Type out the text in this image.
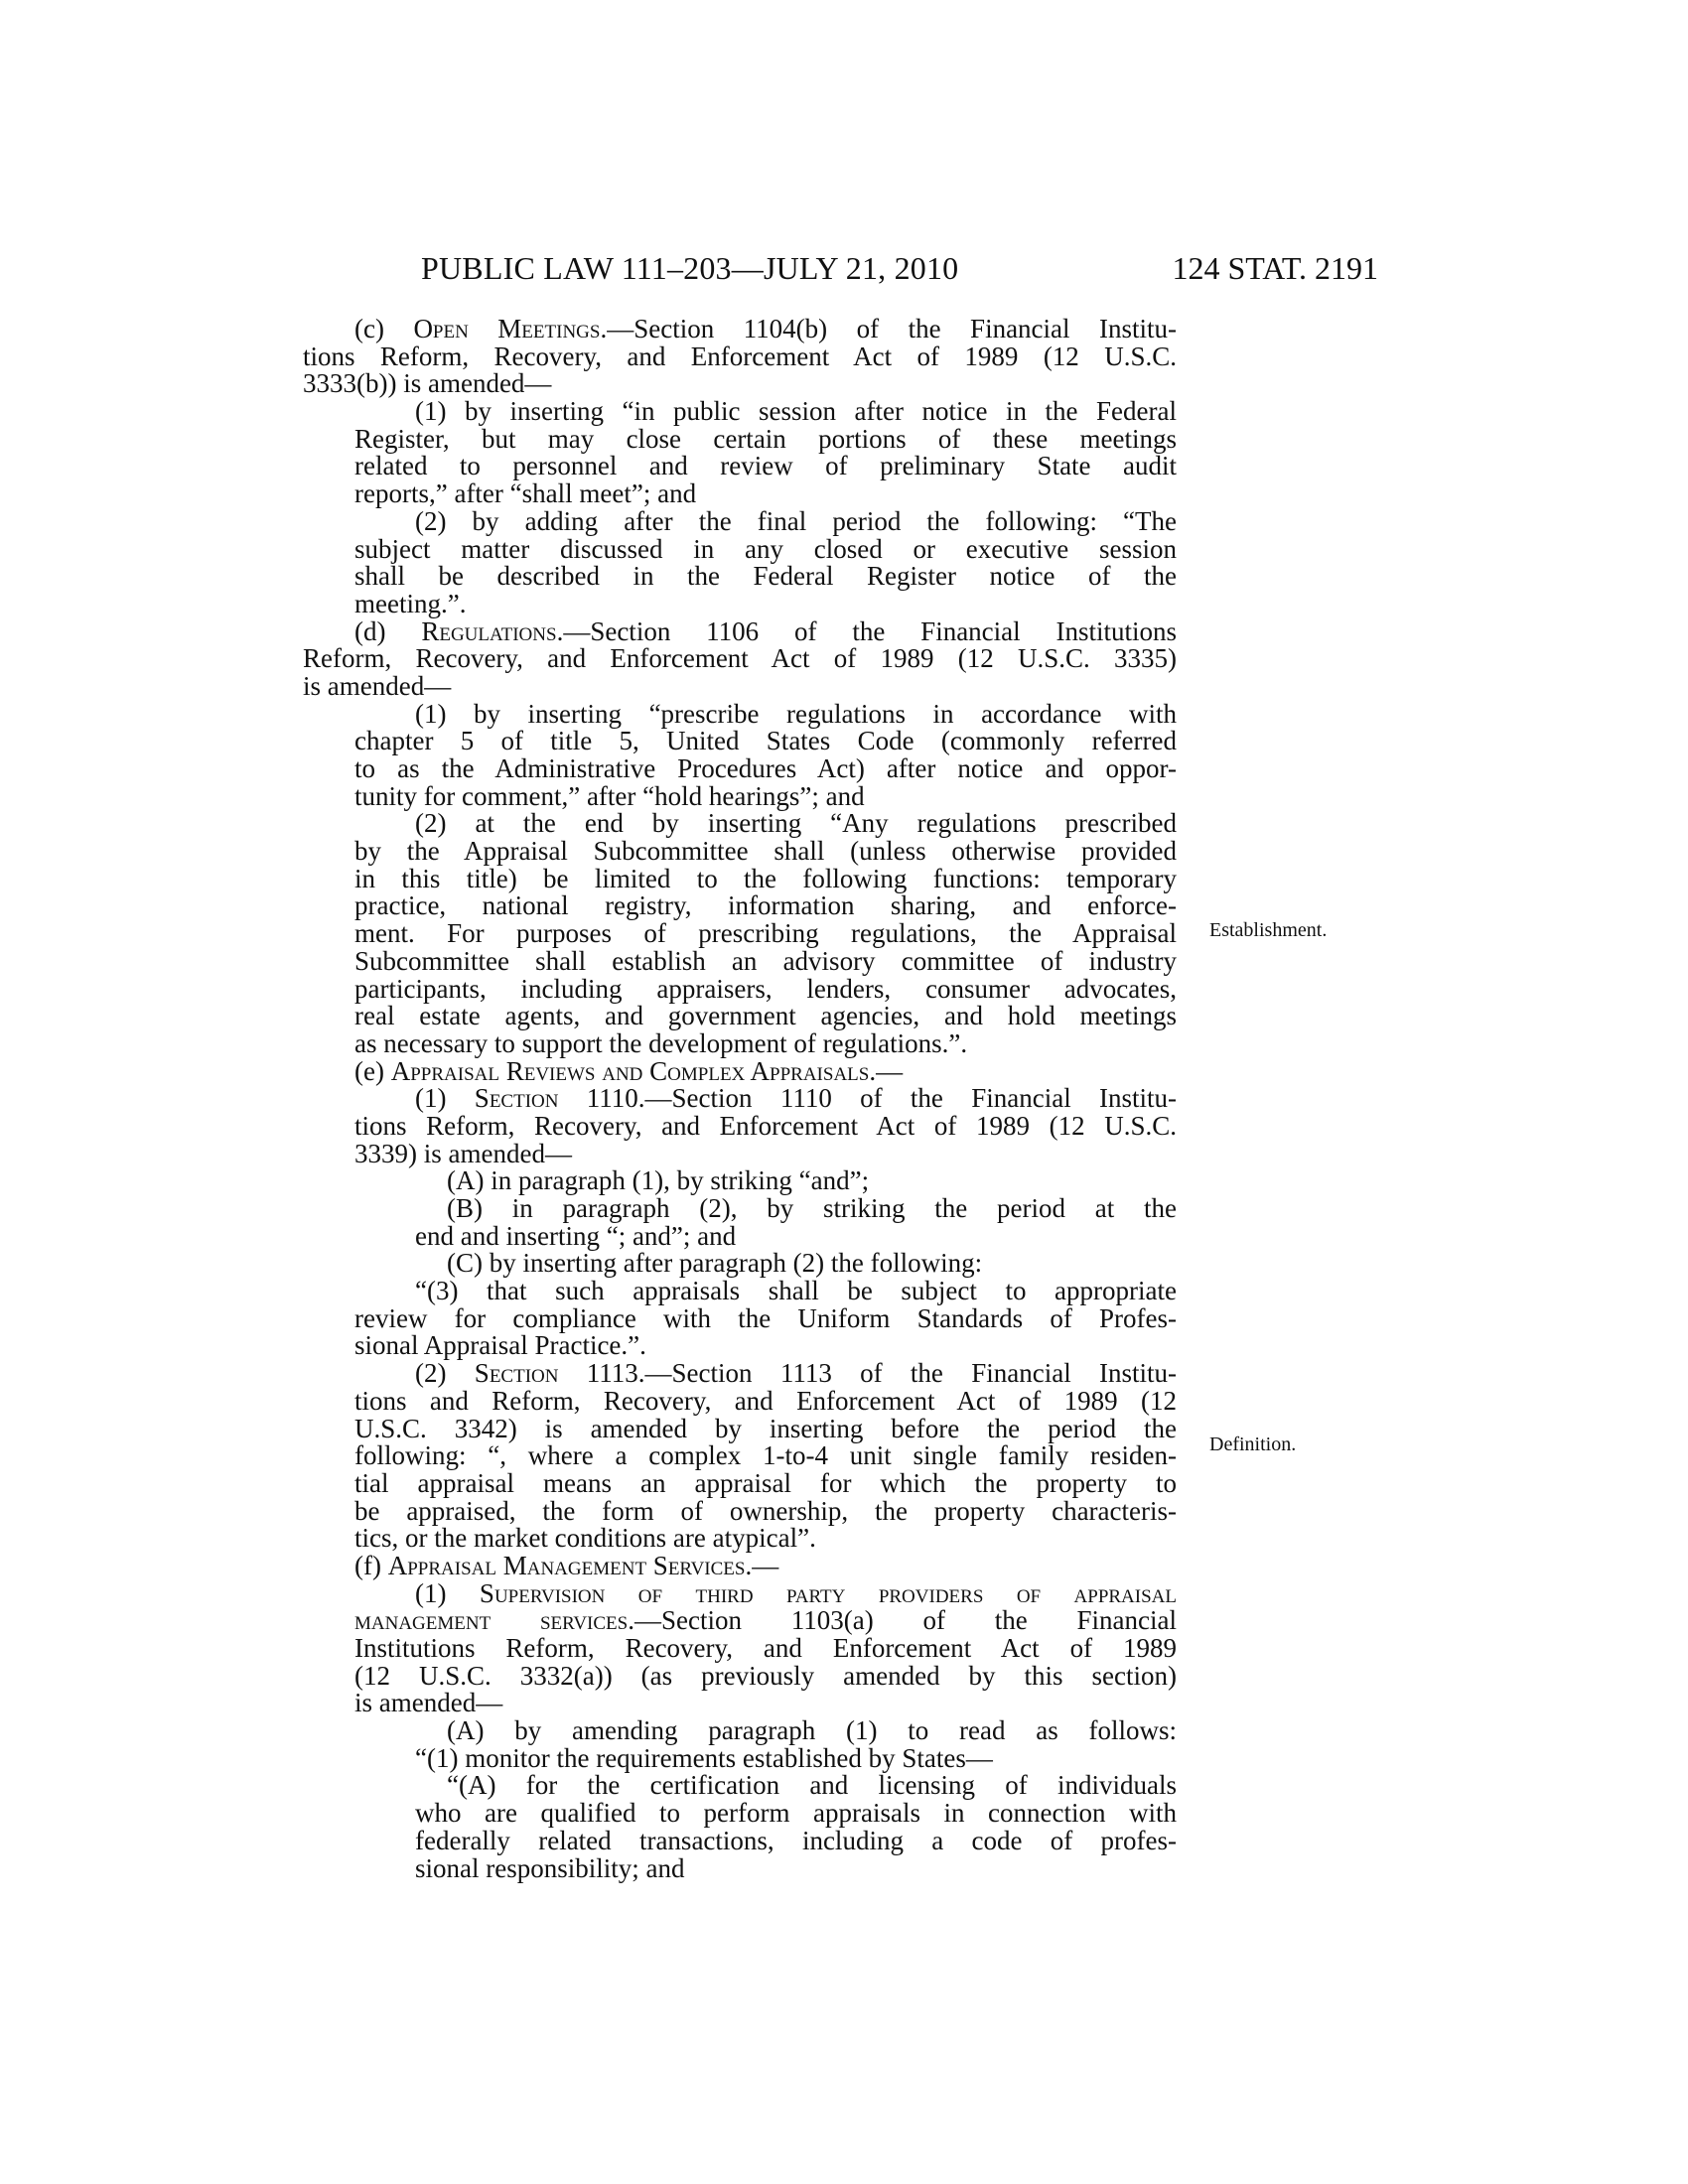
PUBLIC LAW 111–203—JULY 21, 2010	124 STAT. 2191
(c) Open Meetings.—Section 1104(b) of the Financial Institu-
tions Reform, Recovery, and Enforcement Act of 1989 (12 U.S.C.
3333(b)) is amended—
(1) by inserting “in public session after notice in the Federal
Register, but may close certain portions of these meetings
related to personnel and review of preliminary State audit
reports,” after “shall meet”; and
(2) by adding after the final period the following: “The
subject matter discussed in any closed or executive session
shall be described in the Federal Register notice of the
meeting.”.
(d) Regulations.—Section 1106 of the Financial Institutions
Reform, Recovery, and Enforcement Act of 1989 (12 U.S.C. 3335)
is amended—
(1) by inserting “prescribe regulations in accordance with
chapter 5 of title 5, United States Code (commonly referred
to as the Administrative Procedures Act) after notice and oppor-
tunity for comment,” after “hold hearings”; and
(2) at the end by inserting “Any regulations prescribed
by the Appraisal Subcommittee shall (unless otherwise provided
in this title) be limited to the following functions: temporary
practice, national registry, information sharing, and enforce-
ment. For purposes of prescribing regulations, the Appraisal
Subcommittee shall establish an advisory committee of industry
participants, including appraisers, lenders, consumer advocates,
real estate agents, and government agencies, and hold meetings
as necessary to support the development of regulations.”.
(e) Appraisal Reviews and Complex Appraisals.—
(1) Section 1110.—Section 1110 of the Financial Institu-
tions Reform, Recovery, and Enforcement Act of 1989 (12 U.S.C.
3339) is amended—
(A) in paragraph (1), by striking “and”;
(B) in paragraph (2), by striking the period at the
end and inserting “; and”; and
(C) by inserting after paragraph (2) the following:
“(3) that such appraisals shall be subject to appropriate
review for compliance with the Uniform Standards of Profes-
sional Appraisal Practice.”.
(2) Section 1113.—Section 1113 of the Financial Institu-
tions and Reform, Recovery, and Enforcement Act of 1989 (12
U.S.C. 3342) is amended by inserting before the period the
following: “, where a complex 1-to-4 unit single family residen-
tial appraisal means an appraisal for which the property to
be appraised, the form of ownership, the property characteris-
tics, or the market conditions are atypical”.
(f) Appraisal Management Services.—
(1) Supervision of third party providers of appraisal
management services.—Section 1103(a) of the Financial
Institutions Reform, Recovery, and Enforcement Act of 1989
(12 U.S.C. 3332(a)) (as previously amended by this section)
is amended—
(A) by amending paragraph (1) to read as follows:
“(1) monitor the requirements established by States—
“(A) for the certification and licensing of individuals
who are qualified to perform appraisals in connection with
federally related transactions, including a code of profes-
sional responsibility; and
Establishment.
Definition.
